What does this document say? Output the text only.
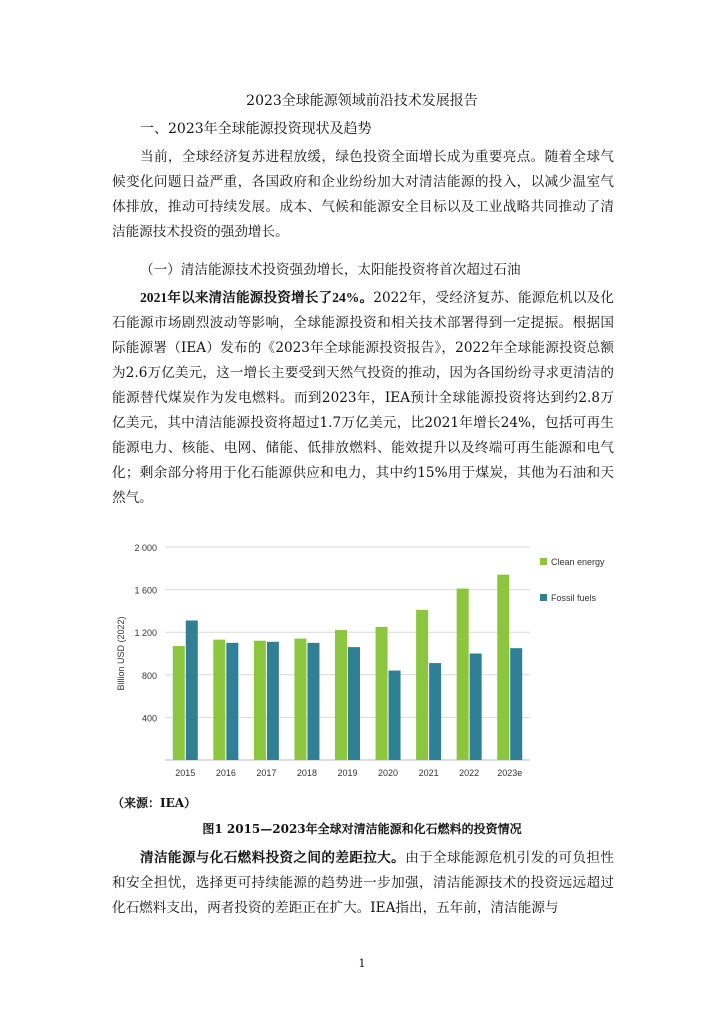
2023全球能源领域前沿技术发展报告
一、2023年全球能源投资现状及趋势
当前，全球经济复苏进程放缓，绿色投资全面增长成为重要亮点。随着全球气候变化问题日益严重，各国政府和企业纷纷加大对清洁能源的投入，以减少温室气体排放，推动可持续发展。成本、气候和能源安全目标以及工业战略共同推动了清洁能源技术投资的强劲增长。
（一）清洁能源技术投资强劲增长，太阳能投资将首次超过石油
2021年以来清洁能源投资增长了24%。2022年，受经济复苏、能源危机以及化石能源市场剧烈波动等影响，全球能源投资和相关技术部署得到一定提振。根据国际能源署（IEA）发布的《2023年全球能源投资报告》，2022年全球能源投资总额为2.6万亿美元，这一增长主要受到天然气投资的推动，因为各国纷纷寻求更清洁的能源替代煤炭作为发电燃料。而到2023年，IEA预计全球能源投资将达到约2.8万亿美元，其中清洁能源投资将超过1.7万亿美元，比2021年增长24%，包括可再生能源电力、核能、电网、储能、低排放燃料、能效提升以及终端可再生能源和电气化；剩余部分将用于化石能源供应和电力，其中约15%用于煤炭，其他为石油和天然气。
400
800
1 200
1 600
2 000
Billion USD (2022)
2015 2016 2017 2018 2019 2020 2021 2022 2023e
Clean energy
Fossil fuels
（来源：IEA）
图1 2015—2023年全球对清洁能源和化石燃料的投资情况
清洁能源与化石燃料投资之间的差距拉大。由于全球能源危机引发的可负担性和安全担忧，选择更可持续能源的趋势进一步加强，清洁能源技术的投资远远超过化石燃料支出，两者投资的差距正在扩大。IEA指出，五年前，清洁能源与
1
